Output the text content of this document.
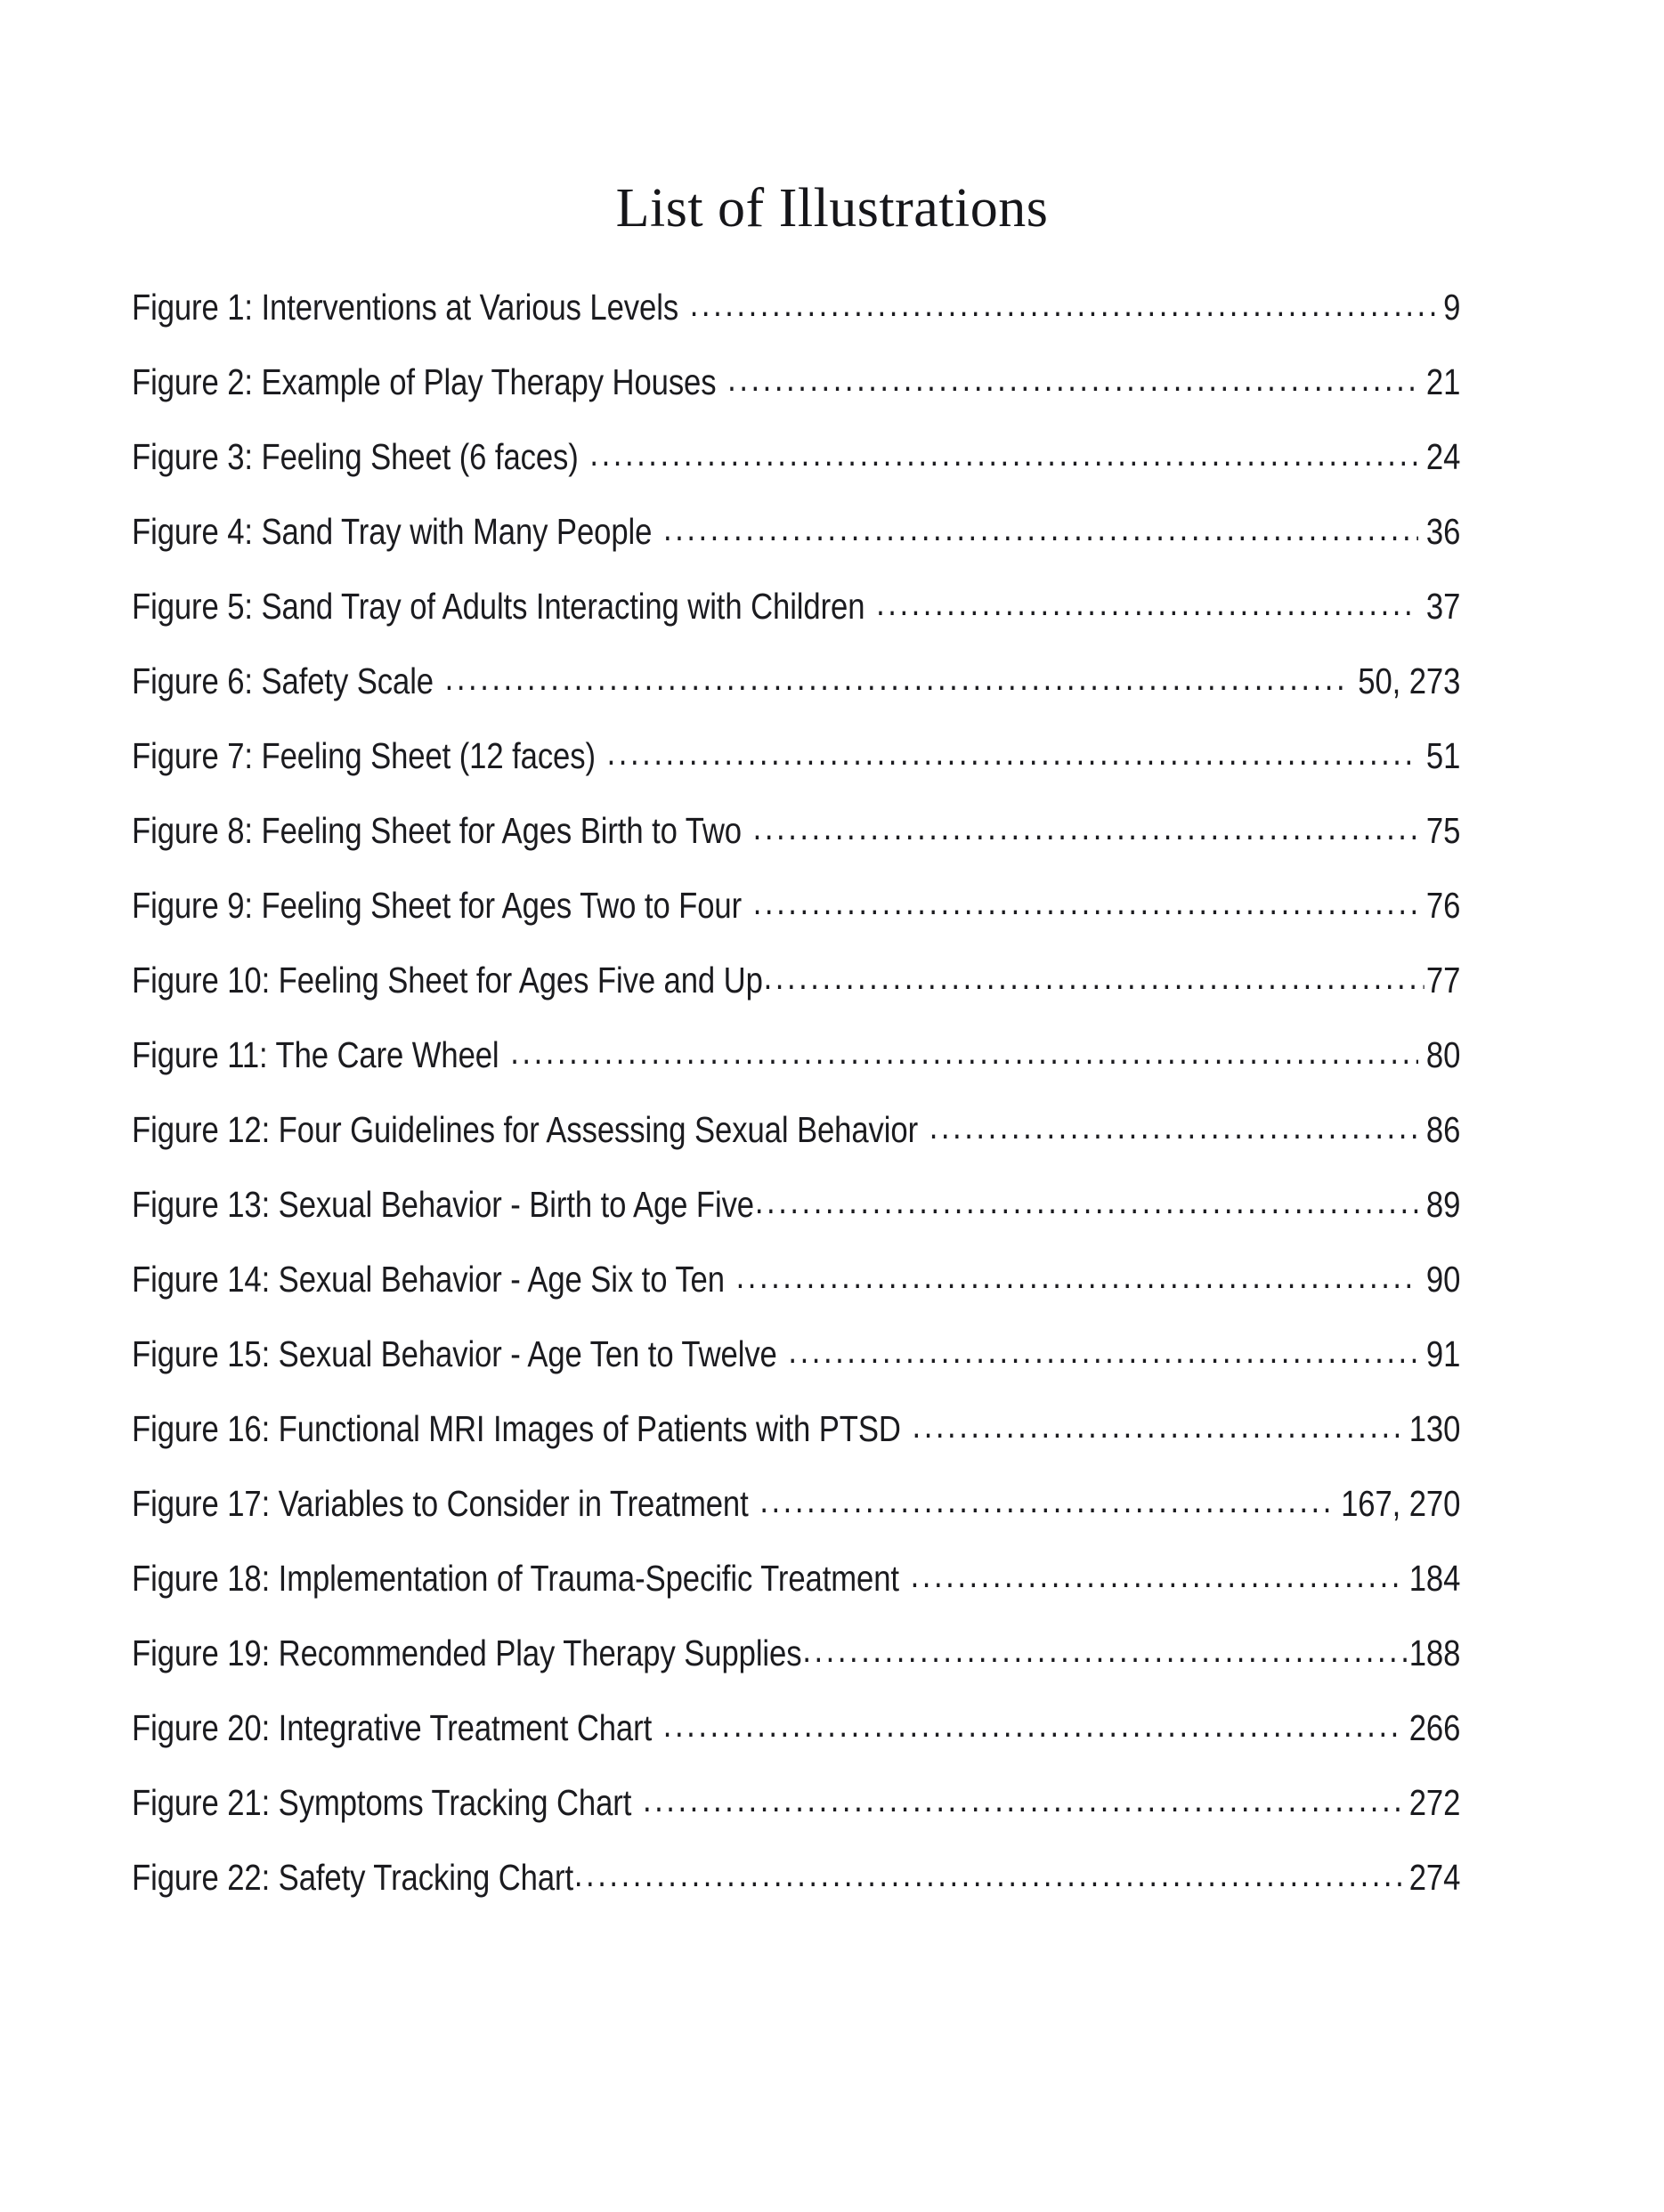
List of Illustrations
Figure 1: Interventions at Various Levels .....	9
Figure 2: Example of Play Therapy Houses .....	21
Figure 3: Feeling Sheet (6 faces) .....	24
Figure 4: Sand Tray with Many People .....	36
Figure 5: Sand Tray of Adults Interacting with Children .....	37
Figure 6: Safety Scale .....	50, 273
Figure 7: Feeling Sheet (12 faces) .....	51
Figure 8: Feeling Sheet for Ages Birth to Two .....	75
Figure 9: Feeling Sheet for Ages Two to Four .....	76
Figure 10: Feeling Sheet for Ages Five and Up .....	77
Figure 11: The Care Wheel .....	80
Figure 12: Four Guidelines for Assessing Sexual Behavior .....	86
Figure 13: Sexual Behavior - Birth to Age Five .....	89
Figure 14: Sexual Behavior - Age Six to Ten .....	90
Figure 15: Sexual Behavior - Age Ten to Twelve .....	91
Figure 16: Functional MRI Images of Patients with PTSD .....	130
Figure 17: Variables to Consider in Treatment .....	167, 270
Figure 18: Implementation of Trauma-Specific Treatment .....	184
Figure 19: Recommended Play Therapy Supplies .....	188
Figure 20: Integrative Treatment Chart .....	266
Figure 21: Symptoms Tracking Chart .....	272
Figure 22: Safety Tracking Chart .....	274
